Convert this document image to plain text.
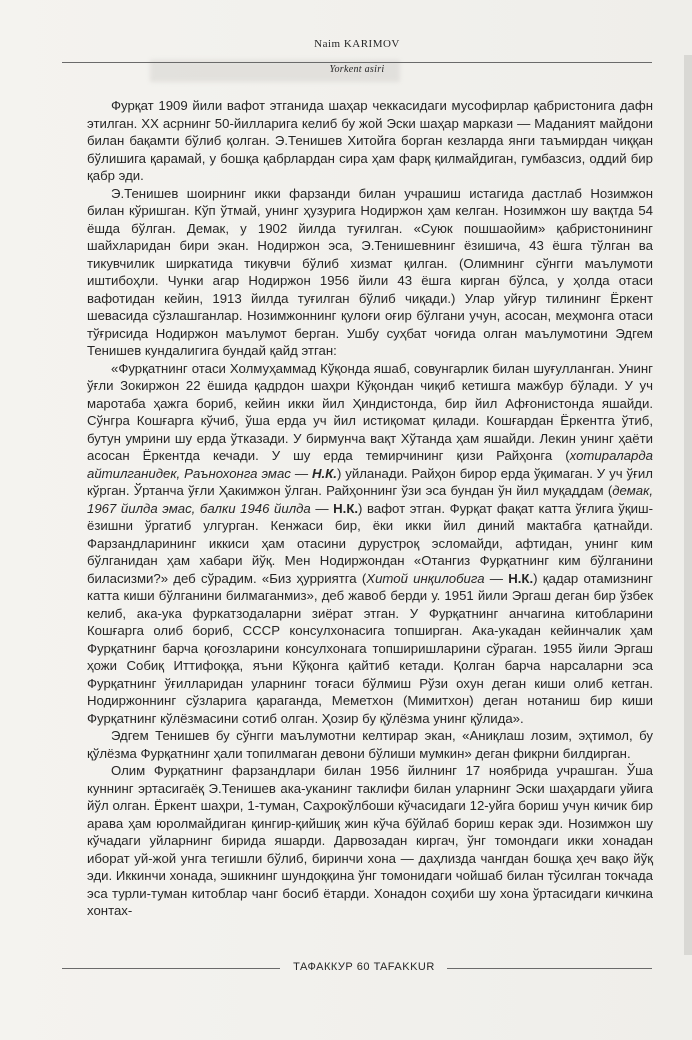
Naim KARIMOV
Yorkent asiri

Фурқат 1909 йили вафот этганида шаҳар чеккасидаги мусофирлар қабристонига дафн этилган. XX асрнинг 50-йилларига келиб бу жой Эски шаҳар маркази — Маданият майдони билан бақамти бўлиб қолган. Э.Тенишев Хитойга борган кезларда янги таъмирдан чиққан бўлишига қарамай, у бошқа қабрлардан сира ҳам фарқ қилмайдиган, гумбазсиз, оддий бир қабр эди.

Э.Тенишев шоирнинг икки фарзанди билан учрашиш истагида дастлаб Нозимжон билан кўришган. Кўп ўтмай, унинг ҳузурига Нодиржон ҳам келган. Нозимжон шу вақтда 54 ёшда бўлган. Демак, у 1902 йилда туғилган. «Суюк пошшаойим» қабристонининг шайхларидан бири экан. Нодиржон эса, Э.Тенишевнинг ёзишича, 43 ёшга тўлган ва тикувчилик ширкатида тикувчи бўлиб хизмат қилган. (Олимнинг сўнгги маълумоти иштибоҳли. Чунки агар Нодиржон 1956 йили 43 ёшга кирган бўлса, у ҳолда отаси вафотидан кейин, 1913 йилда туғилган бўлиб чиқади.) Улар уйғур тилининг Ёркент шевасида сўзлашганлар. Нозимжоннинг қулоғи оғир бўлгани учун, асосан, меҳмонга отаси тўғрисида Нодиржон маълумот берган. Ушбу суҳбат чоғида олган маълумотини Эдгем Тенишев кундалигига бундай қайд этган:

«Фурқатнинг отаси Холмуҳаммад Кўқонда яшаб, совунгарлик билан шуғулланган. Унинг ўғли Зокиржон 22 ёшида қадрдон шаҳри Кўқондан чиқиб кетишга мажбур бўлади. У уч маротаба ҳажга бориб, кейин икки йил Ҳиндистонда, бир йил Афғонистонда яшайди. Сўнгра Кошғарга кўчиб, ўша ерда уч йил истиқомат қилади. Кошғардан Ёркентга ўтиб, бутун умрини шу ерда ўтказади. У бирмунча вақт Хўтанда ҳам яшайди. Лекин унинг ҳаёти асосан Ёркентда кечади. У шу ерда темирчининг қизи Райҳонга (хотираларда айтилганидек, Раънохонга эмас — Н.К.) уйланади. Райҳон бирор ерда ўқимаган. У уч ўғил кўрган. Ўртанча ўғли Ҳакимжон ўлган. Райҳоннинг ўзи эса бундан ўн йил муқаддам (демак, 1967 йилда эмас, балки 1946 йилда — Н.К.) вафот этган. Фурқат фақат катта ўғлига ўқиш-ёзишни ўргатиб улгурган. Кенжаси бир, ёки икки йил диний мактабга қатнайди. Фарзандларининг иккиси ҳам отасини дурустроқ эсломайди, афтидан, унинг ким бўлганидан ҳам хабари йўқ. Мен Нодиржондан «Отангиз Фурқатнинг ким бўлганини биласизми?» деб сўрадим. «Биз ҳурриятга (Хитой инқилобига — Н.К.) қадар отамизнинг катта киши бўлганини билмаганмиз», деб жавоб берди у. 1951 йили Эргаш деган бир ўзбек келиб, ака-ука фуркатзодаларни зиёрат этган. У Фурқатнинг анчагина китобларини Кошғарга олиб бориб, СССР консулхонасига топширган. Ака-укадан кейинчалик ҳам Фурқатнинг барча қоғозларини консулхонага топширишларини сўраган. 1955 йили Эргаш ҳожи Собиқ Иттифоққа, яъни Кўқонга қайтиб кетади. Қолган барча нарсаларни эса Фурқатнинг ўғилларидан уларнинг тоғаси бўлмиш Рўзи охун деган киши олиб кетган. Нодиржоннинг сўзларига қараганда, Меметхон (Мимитхон) деган нотаниш бир киши Фурқатнинг кўлёзмасини сотиб олган. Ҳозир бу қўлёзма унинг қўлида».

Эдгем Тенишев бу сўнгги маълумотни келтирар экан, «Аниқлаш лозим, эҳтимол, бу қўлёзма Фурқатнинг ҳали топилмаган девони бўлиши мумкин» деган фикрни билдирган.

Олим Фурқатнинг фарзандлари билан 1956 йилнинг 17 ноябрида учрашган. Ўша куннинг эртасигаёқ Э.Тенишев ака-уканинг таклифи билан уларнинг Эски шаҳардаги уйига йўл олган. Ёркент шаҳри, 1-туман, Саҳрокўлбоши кўчасидаги 12-уйга бориш учун кичик бир арава ҳам юролмайдиган қингир-қийшиқ жин кўча бўйлаб бориш керак эди. Нозимжон шу кўчадаги уйларнинг бирида яшарди. Дарвозадан киргач, ўнг томондаги икки хонадан иборат уй-жой унга тегишли бўлиб, биринчи хона — даҳлизда чангдан бошқа ҳеч вақо йўқ эди. Иккинчи хонада, эшикнинг шундоққина ўнг томонидаги чойшаб билан тўсилган токчада эса турли-туман китоблар чанг босиб ётарди. Хонадон соҳиби шу хона ўртасидаги кичкина хонтах-

ТАФАККУР 60 TAFAKKUR
